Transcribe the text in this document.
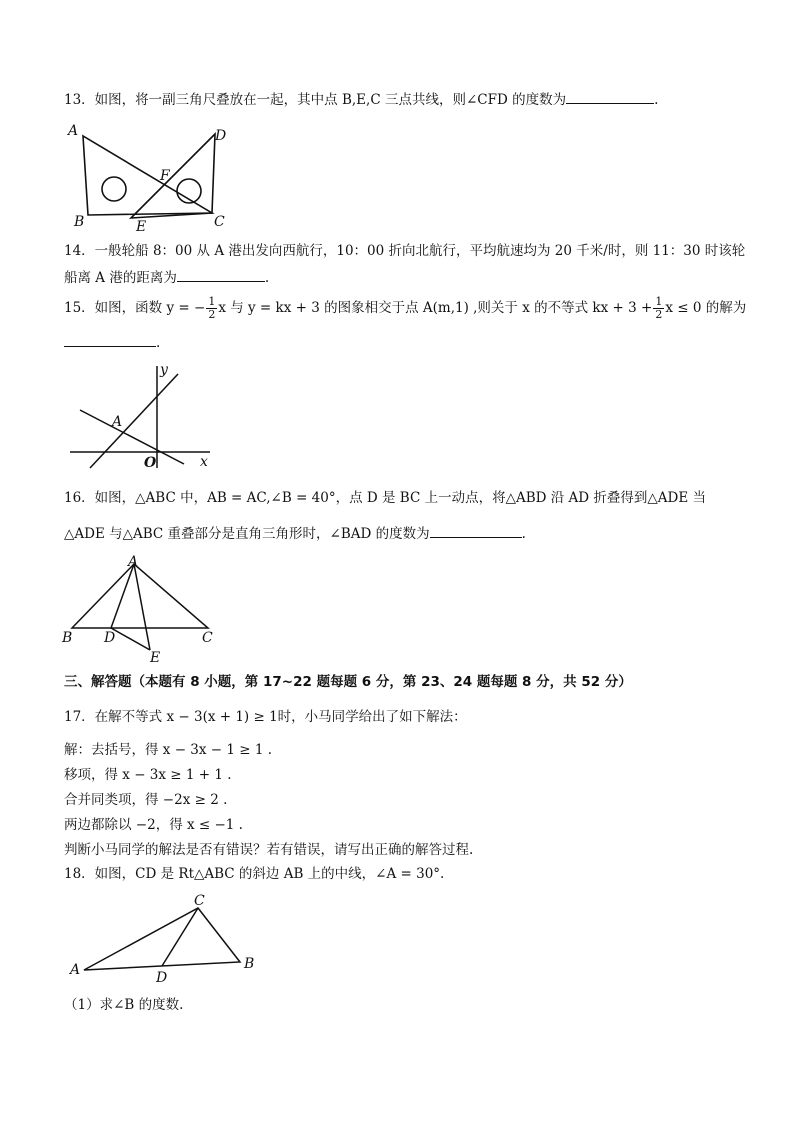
13．如图，将一副三角尺叠放在一起，其中点 B,E,C 三点共线，则∠CFD 的度数为	.
A
B	C
D
E
F
14．一般轮船 8：00 从 A 港出发向西航行，10：00 折向北航行，平均航速均为 20 千米/时，则 11：30 时该轮
船离 A 港的距离为	.
15．如图，函数 y = − $\frac{1}{2}$ x 与 y = kx + 3 的图象相交于点 A(m,1) ,则关于 x 的不等式 kx + $3 + \frac{1}{2}$ x ≤ 0 的解为
.
y
x
A
O
16．如图，△ABC 中，AB = AC,∠B = 40°，点 D 是 BC 上一动点，将△ABD 沿 AD 折叠得到△ADE 当
△ADE 与△ABC 重叠部分是直角三角形时，∠BAD 的度数为	.
A
B	C
D
E
三、解答题（本题有 8 小题，第 17~22 题每题 6 分，第 23、24 题每题 8 分，共 52 分）
17．在解不等式 x − 3(x + 1) ≥ 1时，小马同学给出了如下解法：
解：去括号，得 x − 3x − 1 ≥ 1 .
移项，得 x − 3x ≥ 1 + 1 .
合并同类项，得 −2x ≥ 2 .
两边都除以 −2，得 x ≤ −1 .
判断小马同学的解法是否有错误？若有错误，请写出正确的解答过程.
18．如图，CD 是 Rt△ABC 的斜边 AB 上的中线，∠A = 30°.
A	B
C
D
（1）求∠B 的度数.
